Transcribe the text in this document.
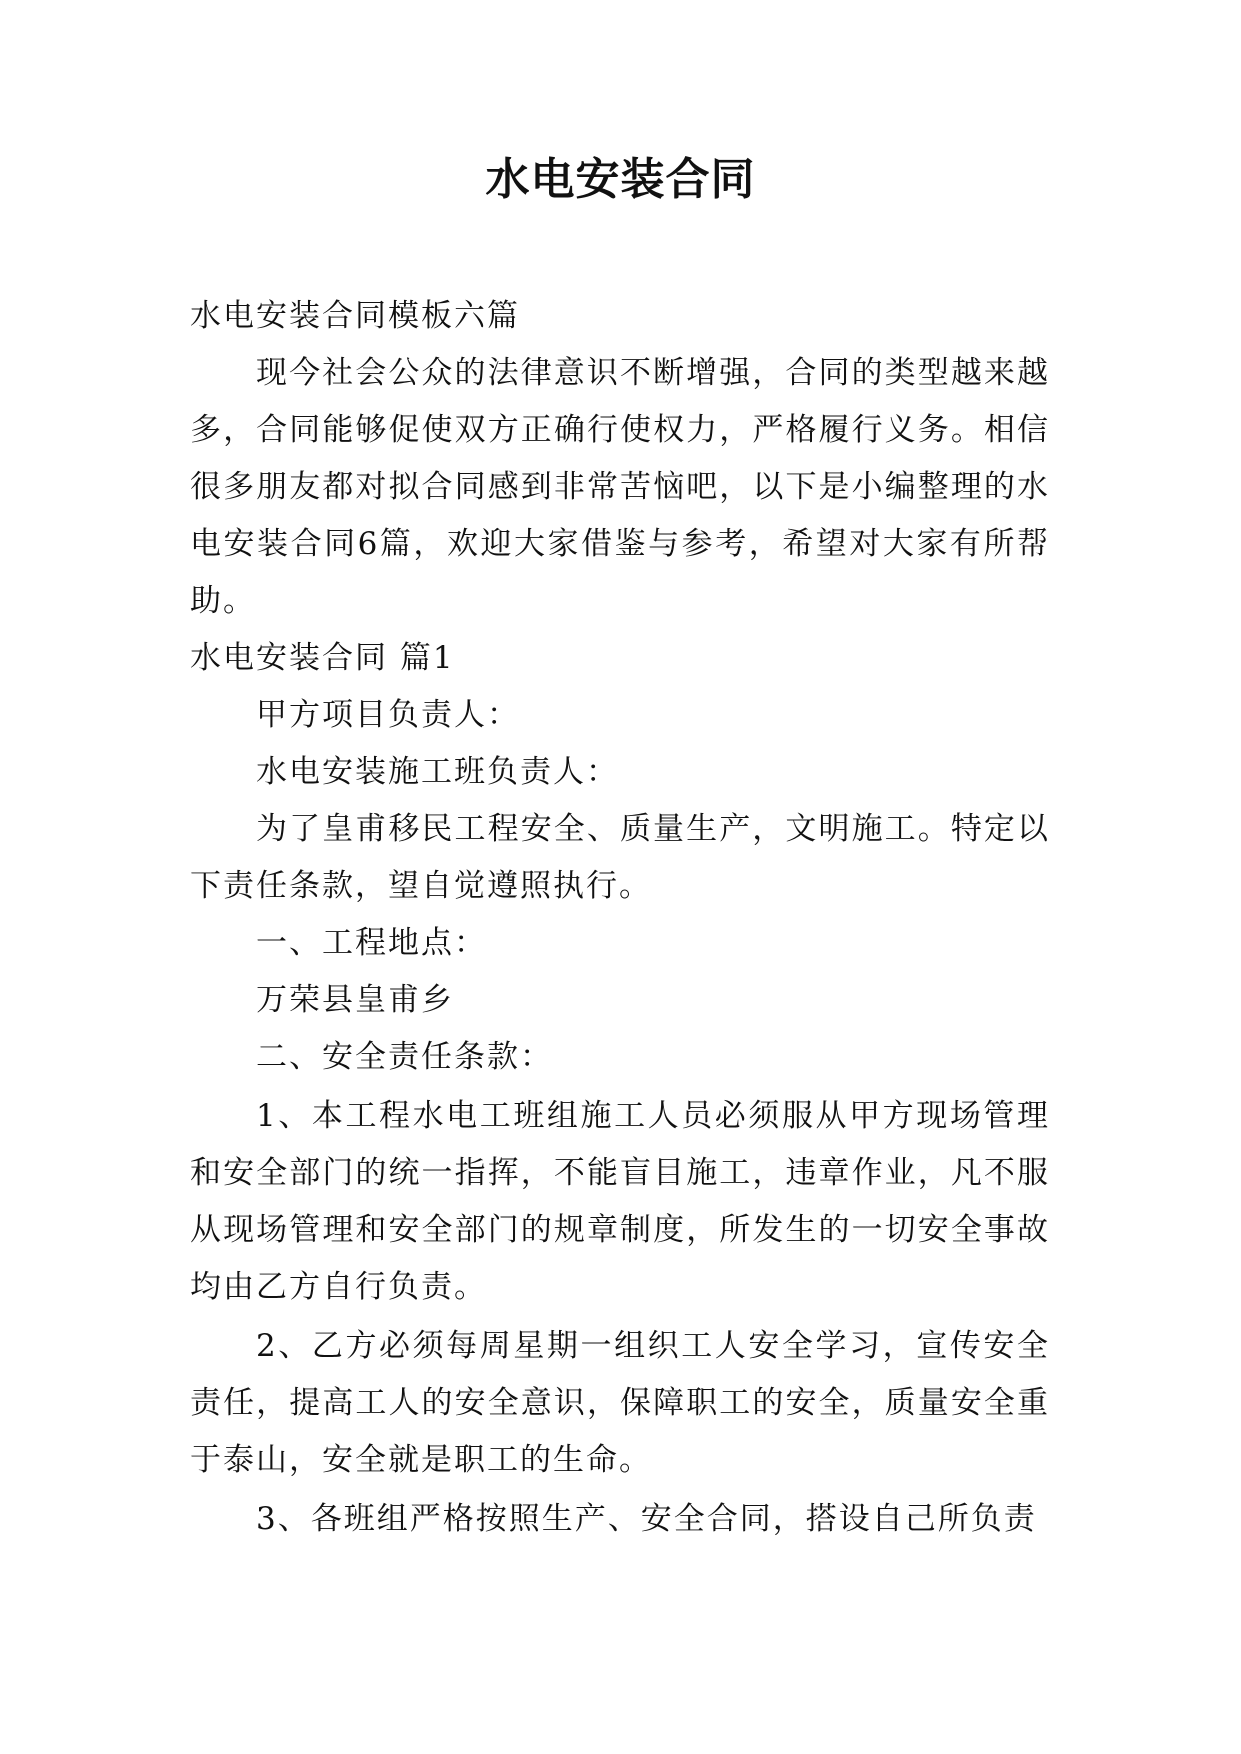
水电安装合同

水电安装合同模板六篇

现今社会公众的法律意识不断增强，合同的类型越来越多，合同能够促使双方正确行使权力，严格履行义务。相信很多朋友都对拟合同感到非常苦恼吧，以下是小编整理的水电安装合同6篇，欢迎大家借鉴与参考，希望对大家有所帮助。

水电安装合同 篇1

甲方项目负责人：

水电安装施工班负责人：

为了皇甫移民工程安全、质量生产，文明施工。特定以下责任条款，望自觉遵照执行。

一、工程地点：

万荣县皇甫乡

二、安全责任条款：

1、本工程水电工班组施工人员必须服从甲方现场管理和安全部门的统一指挥，不能盲目施工，违章作业，凡不服从现场管理和安全部门的规章制度，所发生的一切安全事故均由乙方自行负责。

2、乙方必须每周星期一组织工人安全学习，宣传安全责任，提高工人的安全意识，保障职工的安全，质量安全重于泰山，安全就是职工的生命。

3、各班组严格按照生产、安全合同，搭设自己所负责
